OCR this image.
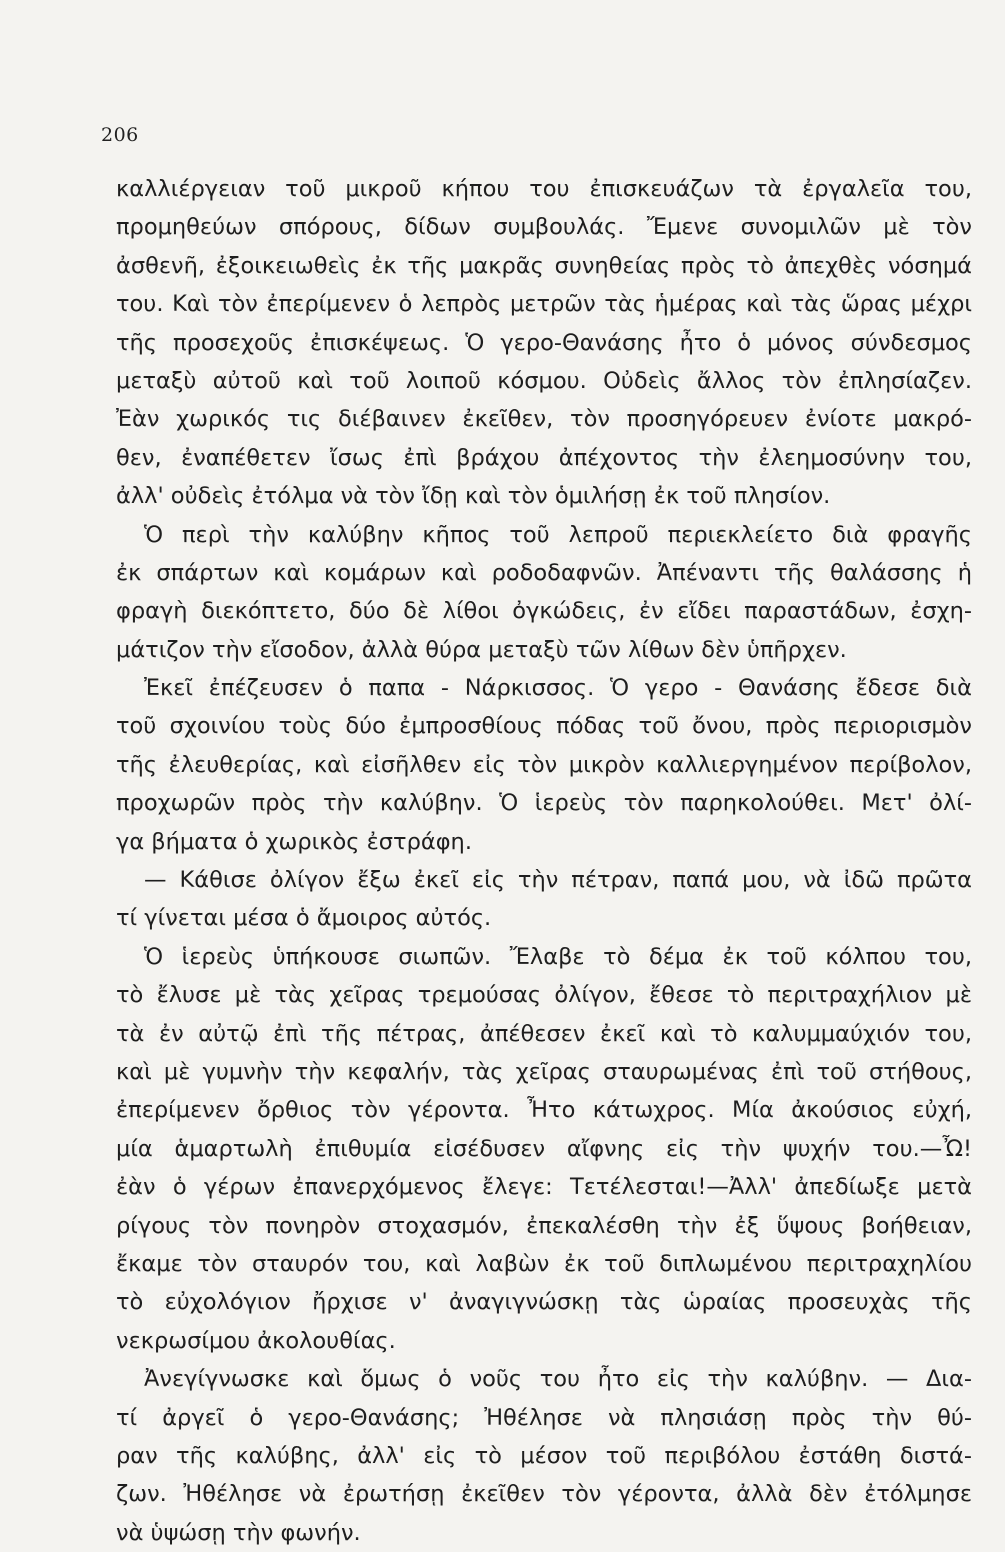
206
καλλιέργειαν τοῦ μικροῦ κήπου του ἐπισκευάζων τὰ ἐργαλεῖα του,
προμηθεύων σπόρους, δίδων συμβουλάς. Ἔμενε συνομιλῶν μὲ τὸν
ἀσθενῆ, ἐξοικειωθεὶς ἐκ τῆς μακρᾶς συνηθείας πρὸς τὸ ἀπεχθὲς νόσημά
του. Καὶ τὸν ἐπερίμενεν ὁ λεπρὸς μετρῶν τὰς ἡμέρας καὶ τὰς ὥρας μέχρι
τῆς προσεχοῦς ἐπισκέψεως. Ὁ γερο-Θανάσης ἦτο ὁ μόνος σύνδεσμος
μεταξὺ αὐτοῦ καὶ τοῦ λοιποῦ κόσμου. Οὐδεὶς ἄλλος τὸν ἐπλησίαζεν.
Ἐὰν χωρικός τις διέβαινεν ἐκεῖθεν, τὸν προσηγόρευεν ἐνίοτε μακρό-
θεν, ἐναπέθετεν ἴσως ἐπὶ βράχου ἀπέχοντος τὴν ἐλεημοσύνην του,
ἀλλ' οὐδεὶς ἐτόλμα νὰ τὸν ἴδῃ καὶ τὸν ὁμιλήσῃ ἐκ τοῦ πλησίον.
Ὁ περὶ τὴν καλύβην κῆπος τοῦ λεπροῦ περιεκλείετο διὰ φραγῆς
ἐκ σπάρτων καὶ κομάρων καὶ ροδοδαφνῶν. Ἀπέναντι τῆς θαλάσσης ἡ
φραγὴ διεκόπτετο, δύο δὲ λίθοι ὀγκώδεις, ἐν εἴδει παραστάδων, ἐσχη-
μάτιζον τὴν εἴσοδον, ἀλλὰ θύρα μεταξὺ τῶν λίθων δὲν ὑπῆρχεν.
Ἐκεῖ ἐπέζευσεν ὁ παπα - Νάρκισσος. Ὁ γερο - Θανάσης ἔδεσε διὰ
τοῦ σχοινίου τοὺς δύο ἐμπροσθίους πόδας τοῦ ὄνου, πρὸς περιορισμὸν
τῆς ἐλευθερίας, καὶ εἰσῆλθεν εἰς τὸν μικρὸν καλλιεργημένον περίβολον,
προχωρῶν πρὸς τὴν καλύβην. Ὁ ἱερεὺς τὸν παρηκολούθει. Μετ' ὀλί-
γα βήματα ὁ χωρικὸς ἐστράφη.
— Κάθισε ὀλίγον ἔξω ἐκεῖ εἰς τὴν πέτραν, παπά μου, νὰ ἰδῶ πρῶτα
τί γίνεται μέσα ὁ ἄμοιρος αὐτός.
Ὁ ἱερεὺς ὑπήκουσε σιωπῶν. Ἔλαβε τὸ δέμα ἐκ τοῦ κόλπου του,
τὸ ἔλυσε μὲ τὰς χεῖρας τρεμούσας ὀλίγον, ἔθεσε τὸ περιτραχήλιον μὲ
τὰ ἐν αὐτῷ ἐπὶ τῆς πέτρας, ἀπέθεσεν ἐκεῖ καὶ τὸ καλυμμαύχιόν του,
καὶ μὲ γυμνὴν τὴν κεφαλήν, τὰς χεῖρας σταυρωμένας ἐπὶ τοῦ στήθους,
ἐπερίμενεν ὄρθιος τὸν γέροντα. Ἦτο κάτωχρος. Μία ἀκούσιος εὐχή,
μία ἁμαρτωλὴ ἐπιθυμία εἰσέδυσεν αἴφνης εἰς τὴν ψυχήν του.—Ὦ!
ἐὰν ὁ γέρων ἐπανερχόμενος ἔλεγε: Τετέλεσται!—Ἀλλ' ἀπεδίωξε μετὰ
ρίγους τὸν πονηρὸν στοχασμόν, ἐπεκαλέσθη τὴν ἐξ ὕψους βοήθειαν,
ἔκαμε τὸν σταυρόν του, καὶ λαβὼν ἐκ τοῦ διπλωμένου περιτραχηλίου
τὸ εὐχολόγιον ἤρχισε ν' ἀναγιγνώσκῃ τὰς ὡραίας προσευχὰς τῆς
νεκρωσίμου ἀκολουθίας.
Ἀνεγίγνωσκε καὶ ὅμως ὁ νοῦς του ἦτο εἰς τὴν καλύβην. — Δια-
τί ἀργεῖ ὁ γερο-Θανάσης; Ἠθέλησε νὰ πλησιάσῃ πρὸς τὴν θύ-
ραν τῆς καλύβης, ἀλλ' εἰς τὸ μέσον τοῦ περιβόλου ἐστάθη διστά-
ζων. Ἠθέλησε νὰ ἐρωτήσῃ ἐκεῖθεν τὸν γέροντα, ἀλλὰ δὲν ἐτόλμησε
νὰ ὑψώσῃ τὴν φωνήν.
